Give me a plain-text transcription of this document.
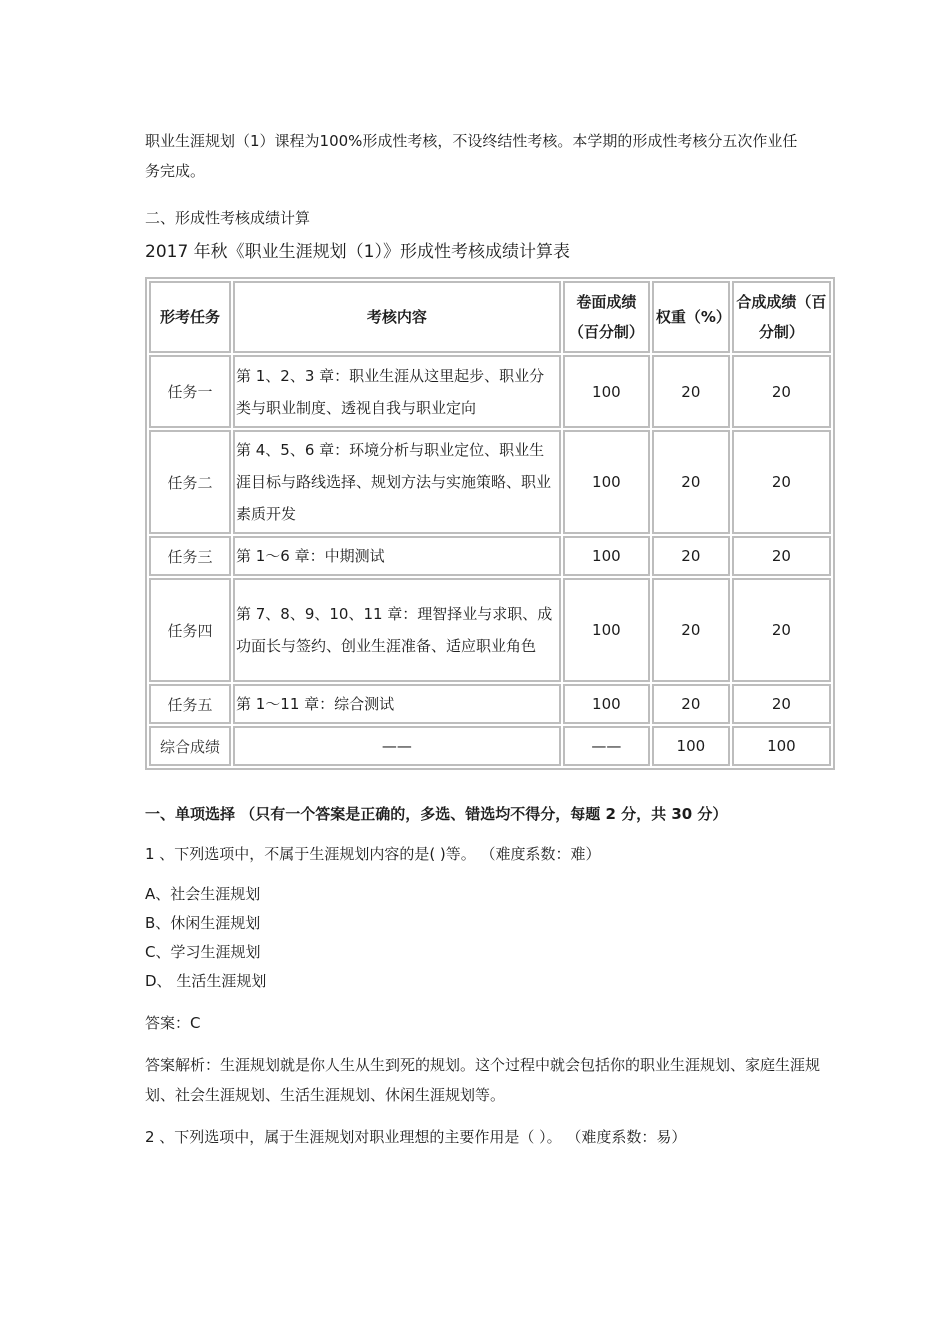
职业生涯规划（1）课程为100%形成性考核，不设终结性考核。本学期的形成性考核分五次作业任务完成。

二、形成性考核成绩计算

2017 年秋《职业生涯规划（1）》形成性考核成绩计算表

形考任务	考核内容	卷面成绩（百分制）	权重（%）	合成成绩（百分制）
任务一	第 1、2、3 章：职业生涯从这里起步、职业分类与职业制度、透视自我与职业定向	100	20	20
任务二	第 4、5、6 章：环境分析与职业定位、职业生涯目标与路线选择、规划方法与实施策略、职业素质开发	100	20	20
任务三	第 1～6 章：中期测试	100	20	20
任务四	第 7、8、9、10、11 章：理智择业与求职、成功面长与签约、创业生涯准备、适应职业角色	100	20	20
任务五	第 1～11 章：综合测试	100	20	20
综合成绩	——	——	100	100

一、单项选择 （只有一个答案是正确的，多选、错选均不得分，每题 2 分，共 30 分）

1 、下列选项中，不属于生涯规划内容的是( )等。 （难度系数：难）

A、社会生涯规划

B、休闲生涯规划

C、学习生涯规划

D、 生活生涯规划

答案：C

答案解析：生涯规划就是你人生从生到死的规划。这个过程中就会包括你的职业生涯规划、家庭生涯规划、社会生涯规划、生活生涯规划、休闲生涯规划等。

2 、下列选项中，属于生涯规划对职业理想的主要作用是（ ）。 （难度系数：易）
